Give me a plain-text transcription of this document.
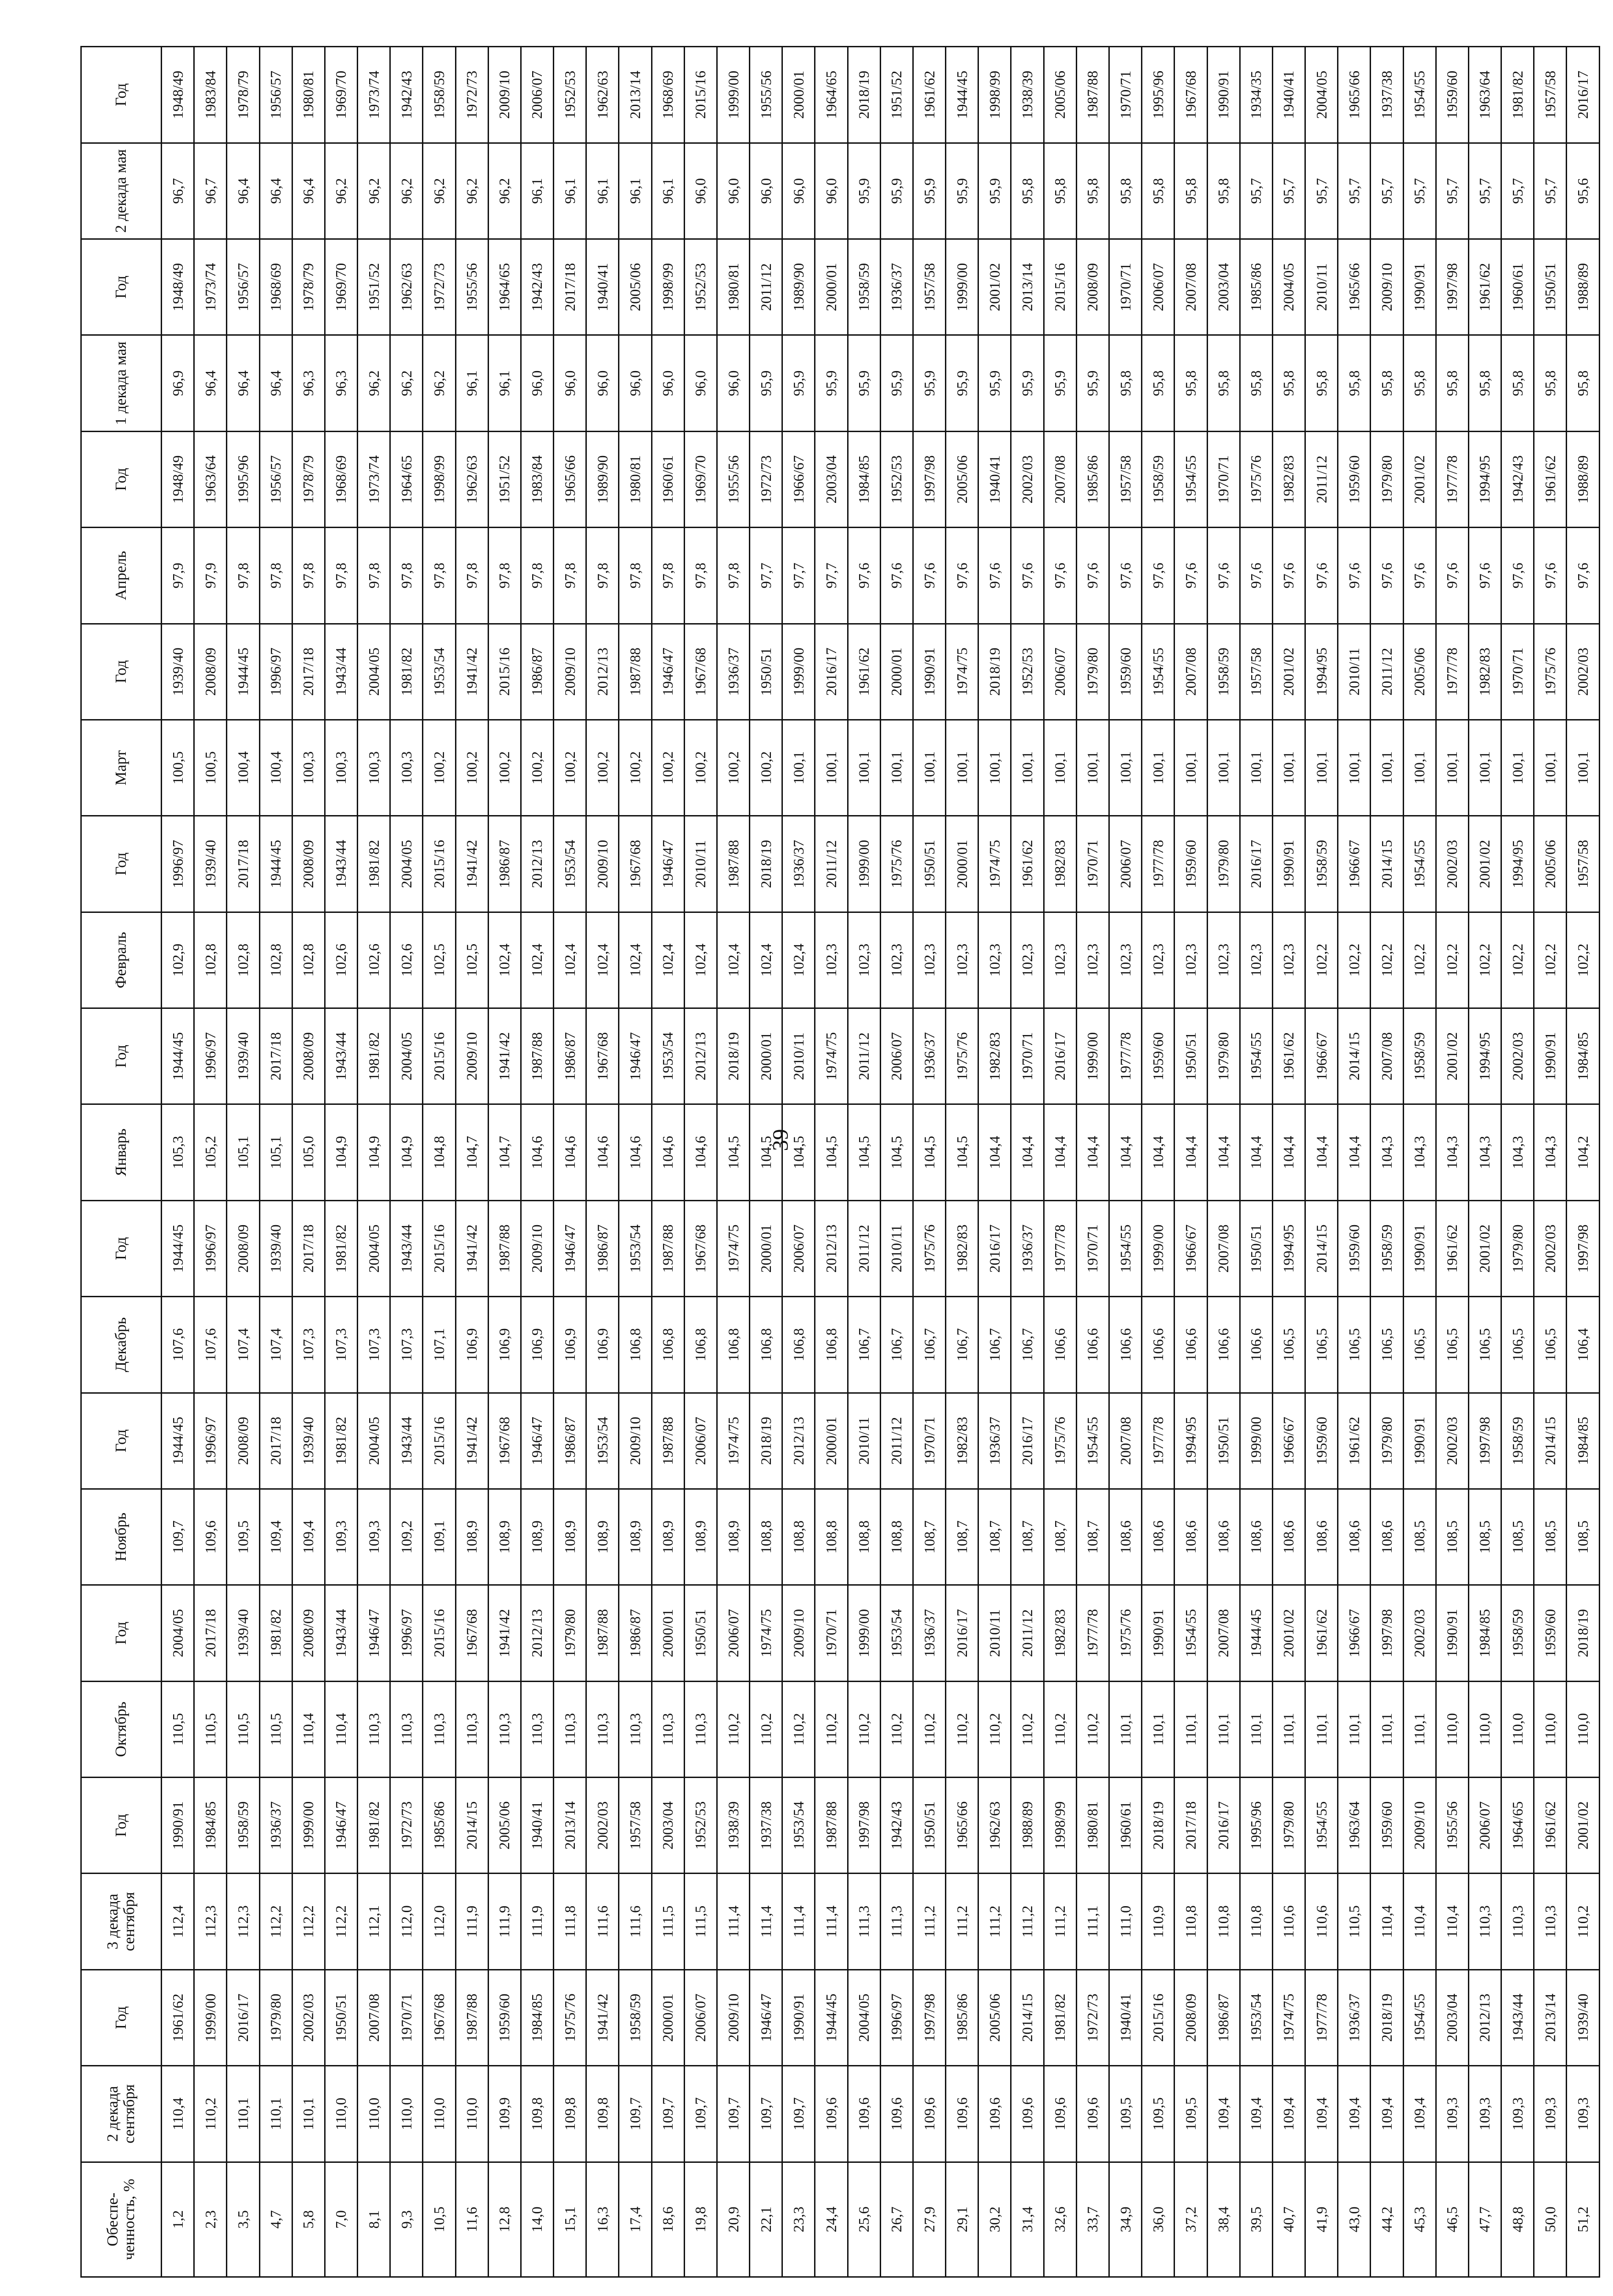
39
Обеспе-ченность, %	2 декада сентября	Год	3 декада сентября	Год	Октябрь	Год	Ноябрь	Год	Декабрь	Год	Январь	Год	Февраль	Год	Март	Год	Апрель	Год	1 декада мая	Год	2 декада мая	Год
1,2	110,4	1961/62	112,4	1990/91	110,5	2004/05	109,7	1944/45	107,6	1944/45	105,3	1944/45	102,9	1996/97	100,5	1939/40	97,9	1948/49	96,9	1948/49	96,7	1948/49
2,3	110,2	1999/00	112,3	1984/85	110,5	2017/18	109,6	1996/97	107,6	1996/97	105,2	1996/97	102,8	1939/40	100,5	2008/09	97,9	1963/64	96,4	1973/74	96,7	1983/84
3,5	110,1	2016/17	112,3	1958/59	110,5	1939/40	109,5	2008/09	107,4	2008/09	105,1	1939/40	102,8	2017/18	100,4	1944/45	97,8	1995/96	96,4	1956/57	96,4	1978/79
4,7	110,1	1979/80	112,2	1936/37	110,5	1981/82	109,4	2017/18	107,4	1939/40	105,1	2017/18	102,8	1944/45	100,4	1996/97	97,8	1956/57	96,4	1968/69	96,4	1956/57
5,8	110,1	2002/03	112,2	1999/00	110,4	2008/09	109,4	1939/40	107,3	2017/18	105,0	2008/09	102,8	2008/09	100,3	2017/18	97,8	1978/79	96,3	1978/79	96,4	1980/81
7,0	110,0	1950/51	112,2	1946/47	110,4	1943/44	109,3	1981/82	107,3	1981/82	104,9	1943/44	102,6	1943/44	100,3	1943/44	97,8	1968/69	96,3	1969/70	96,2	1969/70
8,1	110,0	2007/08	112,1	1981/82	110,3	1946/47	109,3	2004/05	107,3	2004/05	104,9	1981/82	102,6	1981/82	100,3	2004/05	97,8	1973/74	96,2	1951/52	96,2	1973/74
9,3	110,0	1970/71	112,0	1972/73	110,3	1996/97	109,2	1943/44	107,3	1943/44	104,9	2004/05	102,6	2004/05	100,3	1981/82	97,8	1964/65	96,2	1962/63	96,2	1942/43
10,5	110,0	1967/68	112,0	1985/86	110,3	2015/16	109,1	2015/16	107,1	2015/16	104,8	2015/16	102,5	2015/16	100,2	1953/54	97,8	1998/99	96,2	1972/73	96,2	1958/59
11,6	110,0	1987/88	111,9	2014/15	110,3	1967/68	108,9	1941/42	106,9	1941/42	104,7	2009/10	102,5	1941/42	100,2	1941/42	97,8	1962/63	96,1	1955/56	96,2	1972/73
12,8	109,9	1959/60	111,9	2005/06	110,3	1941/42	108,9	1967/68	106,9	1987/88	104,7	1941/42	102,4	1986/87	100,2	2015/16	97,8	1951/52	96,1	1964/65	96,2	2009/10
14,0	109,8	1984/85	111,9	1940/41	110,3	2012/13	108,9	1946/47	106,9	2009/10	104,6	1987/88	102,4	2012/13	100,2	1986/87	97,8	1983/84	96,0	1942/43	96,1	2006/07
15,1	109,8	1975/76	111,8	2013/14	110,3	1979/80	108,9	1986/87	106,9	1946/47	104,6	1986/87	102,4	1953/54	100,2	2009/10	97,8	1965/66	96,0	2017/18	96,1	1952/53
16,3	109,8	1941/42	111,6	2002/03	110,3	1987/88	108,9	1953/54	106,9	1986/87	104,6	1967/68	102,4	2009/10	100,2	2012/13	97,8	1989/90	96,0	1940/41	96,1	1962/63
17,4	109,7	1958/59	111,6	1957/58	110,3	1986/87	108,9	2009/10	106,8	1953/54	104,6	1946/47	102,4	1967/68	100,2	1987/88	97,8	1980/81	96,0	2005/06	96,1	2013/14
18,6	109,7	2000/01	111,5	2003/04	110,3	2000/01	108,9	1987/88	106,8	1987/88	104,6	1953/54	102,4	1946/47	100,2	1946/47	97,8	1960/61	96,0	1998/99	96,1	1968/69
19,8	109,7	2006/07	111,5	1952/53	110,3	1950/51	108,9	2006/07	106,8	1967/68	104,6	2012/13	102,4	2010/11	100,2	1967/68	97,8	1969/70	96,0	1952/53	96,0	2015/16
20,9	109,7	2009/10	111,4	1938/39	110,2	2006/07	108,9	1974/75	106,8	1974/75	104,5	2018/19	102,4	1987/88	100,2	1936/37	97,8	1955/56	96,0	1980/81	96,0	1999/00
22,1	109,7	1946/47	111,4	1937/38	110,2	1974/75	108,8	2018/19	106,8	2000/01	104,5	2000/01	102,4	2018/19	100,2	1950/51	97,7	1972/73	95,9	2011/12	96,0	1955/56
23,3	109,7	1990/91	111,4	1953/54	110,2	2009/10	108,8	2012/13	106,8	2006/07	104,5	2010/11	102,4	1936/37	100,1	1999/00	97,7	1966/67	95,9	1989/90	96,0	2000/01
24,4	109,6	1944/45	111,4	1987/88	110,2	1970/71	108,8	2000/01	106,8	2012/13	104,5	1974/75	102,3	2011/12	100,1	2016/17	97,7	2003/04	95,9	2000/01	96,0	1964/65
25,6	109,6	2004/05	111,3	1997/98	110,2	1999/00	108,8	2010/11	106,7	2011/12	104,5	2011/12	102,3	1999/00	100,1	1961/62	97,6	1984/85	95,9	1958/59	95,9	2018/19
26,7	109,6	1996/97	111,3	1942/43	110,2	1953/54	108,8	2011/12	106,7	2010/11	104,5	2006/07	102,3	1975/76	100,1	2000/01	97,6	1952/53	95,9	1936/37	95,9	1951/52
27,9	109,6	1997/98	111,2	1950/51	110,2	1936/37	108,7	1970/71	106,7	1975/76	104,5	1936/37	102,3	1950/51	100,1	1990/91	97,6	1997/98	95,9	1957/58	95,9	1961/62
29,1	109,6	1985/86	111,2	1965/66	110,2	2016/17	108,7	1982/83	106,7	1982/83	104,5	1975/76	102,3	2000/01	100,1	1974/75	97,6	2005/06	95,9	1999/00	95,9	1944/45
30,2	109,6	2005/06	111,2	1962/63	110,2	2010/11	108,7	1936/37	106,7	2016/17	104,4	1982/83	102,3	1974/75	100,1	2018/19	97,6	1940/41	95,9	2001/02	95,9	1998/99
31,4	109,6	2014/15	111,2	1988/89	110,2	2011/12	108,7	2016/17	106,7	1936/37	104,4	1970/71	102,3	1961/62	100,1	1952/53	97,6	2002/03	95,9	2013/14	95,8	1938/39
32,6	109,6	1981/82	111,2	1998/99	110,2	1982/83	108,7	1975/76	106,6	1977/78	104,4	2016/17	102,3	1982/83	100,1	2006/07	97,6	2007/08	95,9	2015/16	95,8	2005/06
33,7	109,6	1972/73	111,1	1980/81	110,2	1977/78	108,7	1954/55	106,6	1970/71	104,4	1999/00	102,3	1970/71	100,1	1979/80	97,6	1985/86	95,9	2008/09	95,8	1987/88
34,9	109,5	1940/41	111,0	1960/61	110,1	1975/76	108,6	2007/08	106,6	1954/55	104,4	1977/78	102,3	2006/07	100,1	1959/60	97,6	1957/58	95,8	1970/71	95,8	1970/71
36,0	109,5	2015/16	110,9	2018/19	110,1	1990/91	108,6	1977/78	106,6	1999/00	104,4	1959/60	102,3	1977/78	100,1	1954/55	97,6	1958/59	95,8	2006/07	95,8	1995/96
37,2	109,5	2008/09	110,8	2017/18	110,1	1954/55	108,6	1994/95	106,6	1966/67	104,4	1950/51	102,3	1959/60	100,1	2007/08	97,6	1954/55	95,8	2007/08	95,8	1967/68
38,4	109,4	1986/87	110,8	2016/17	110,1	2007/08	108,6	1950/51	106,6	2007/08	104,4	1979/80	102,3	1979/80	100,1	1958/59	97,6	1970/71	95,8	2003/04	95,8	1990/91
39,5	109,4	1953/54	110,8	1995/96	110,1	1944/45	108,6	1999/00	106,6	1950/51	104,4	1954/55	102,3	2016/17	100,1	1957/58	97,6	1975/76	95,8	1985/86	95,7	1934/35
40,7	109,4	1974/75	110,6	1979/80	110,1	2001/02	108,6	1966/67	106,5	1994/95	104,4	1961/62	102,3	1990/91	100,1	2001/02	97,6	1982/83	95,8	2004/05	95,7	1940/41
41,9	109,4	1977/78	110,6	1954/55	110,1	1961/62	108,6	1959/60	106,5	2014/15	104,4	1966/67	102,2	1958/59	100,1	1994/95	97,6	2011/12	95,8	2010/11	95,7	2004/05
43,0	109,4	1936/37	110,5	1963/64	110,1	1966/67	108,6	1961/62	106,5	1959/60	104,4	2014/15	102,2	1966/67	100,1	2010/11	97,6	1959/60	95,8	1965/66	95,7	1965/66
44,2	109,4	2018/19	110,4	1959/60	110,1	1997/98	108,6	1979/80	106,5	1958/59	104,3	2007/08	102,2	2014/15	100,1	2011/12	97,6	1979/80	95,8	2009/10	95,7	1937/38
45,3	109,4	1954/55	110,4	2009/10	110,1	2002/03	108,5	1990/91	106,5	1990/91	104,3	1958/59	102,2	1954/55	100,1	2005/06	97,6	2001/02	95,8	1990/91	95,7	1954/55
46,5	109,3	2003/04	110,4	1955/56	110,0	1990/91	108,5	2002/03	106,5	1961/62	104,3	2001/02	102,2	2002/03	100,1	1977/78	97,6	1977/78	95,8	1997/98	95,7	1959/60
47,7	109,3	2012/13	110,3	2006/07	110,0	1984/85	108,5	1997/98	106,5	2001/02	104,3	1994/95	102,2	2001/02	100,1	1982/83	97,6	1994/95	95,8	1961/62	95,7	1963/64
48,8	109,3	1943/44	110,3	1964/65	110,0	1958/59	108,5	1958/59	106,5	1979/80	104,3	2002/03	102,2	1994/95	100,1	1970/71	97,6	1942/43	95,8	1960/61	95,7	1981/82
50,0	109,3	2013/14	110,3	1961/62	110,0	1959/60	108,5	2014/15	106,5	2002/03	104,3	1990/91	102,2	2005/06	100,1	1975/76	97,6	1961/62	95,8	1950/51	95,7	1957/58
51,2	109,3	1939/40	110,2	2001/02	110,0	2018/19	108,5	1984/85	106,4	1997/98	104,2	1984/85	102,2	1957/58	100,1	2002/03	97,6	1988/89	95,8	1988/89	95,6	2016/17
